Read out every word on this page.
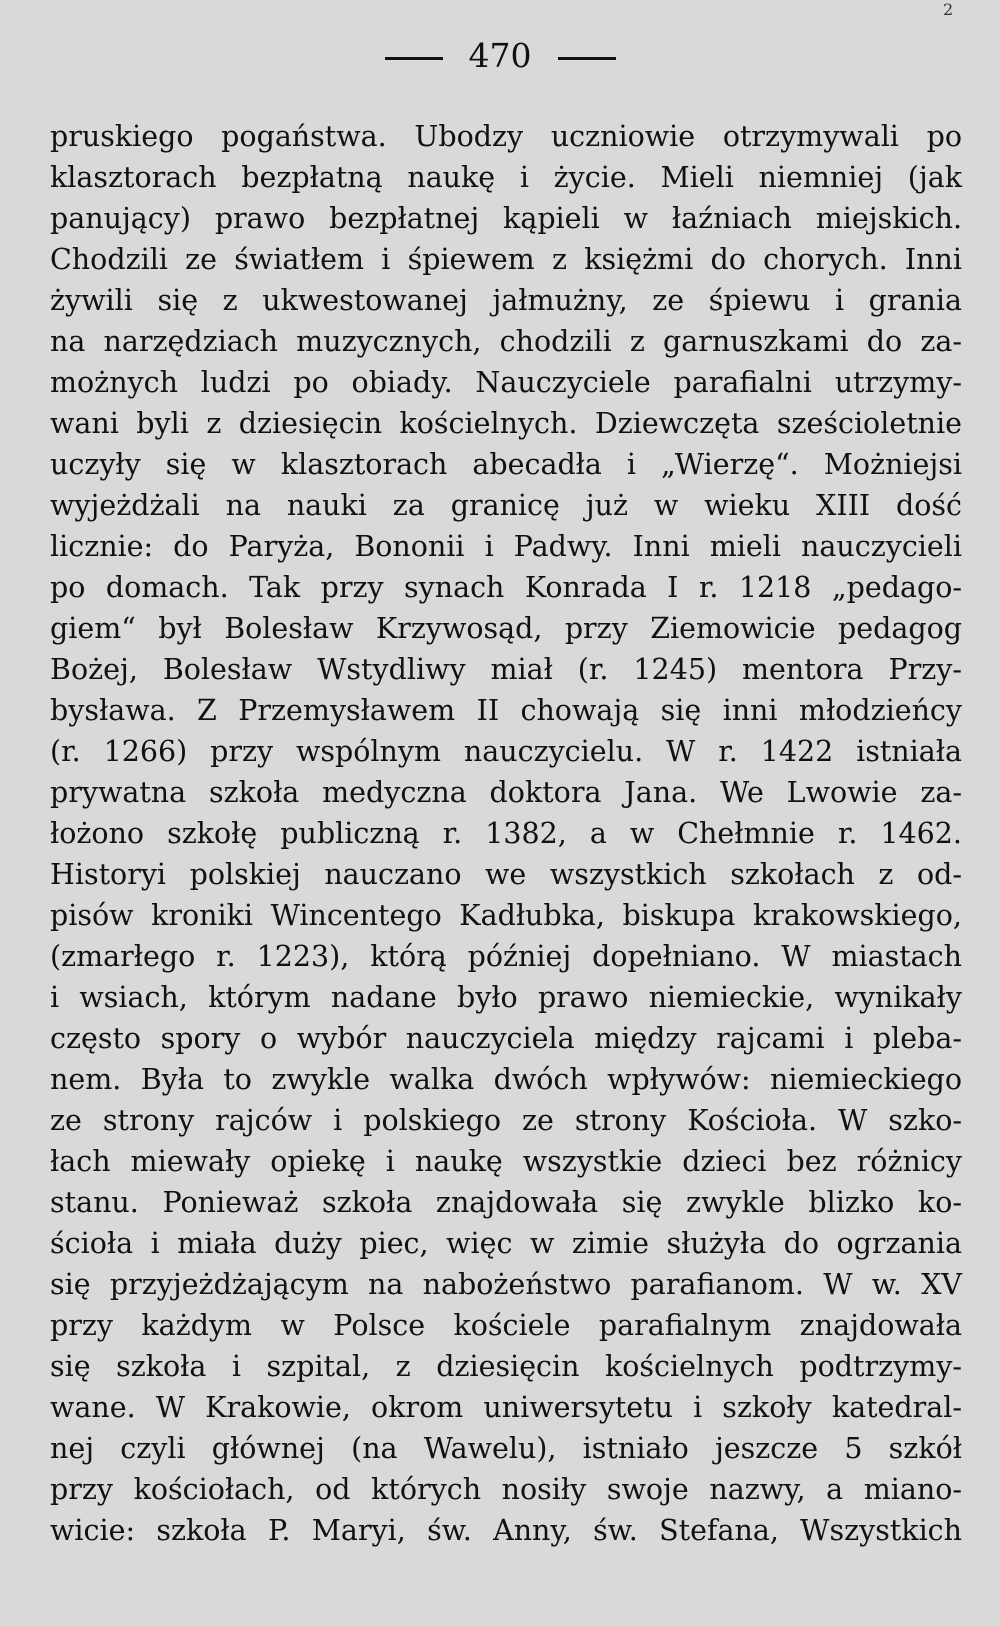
2
470
pruskiego pogaństwa. Ubodzy uczniowie otrzymywali po
klasztorach bezpłatną naukę i życie. Mieli niemniej (jak
panujący) prawo bezpłatnej kąpieli w łaźniach miejskich.
Chodzili ze światłem i śpiewem z księżmi do chorych. Inni
żywili się z ukwestowanej jałmużny, ze śpiewu i grania
na narzędziach muzycznych, chodzili z garnuszkami do za-
możnych ludzi po obiady. Nauczyciele parafialni utrzymy-
wani byli z dziesięcin kościelnych. Dziewczęta sześcioletnie
uczyły się w klasztorach abecadła i „Wierzę“. Możniejsi
wyjeżdżali na nauki za granicę już w wieku XIII dość
licznie: do Paryża, Bononii i Padwy. Inni mieli nauczycieli
po domach. Tak przy synach Konrada I r. 1218 „pedago-
giem“ był Bolesław Krzywosąd, przy Ziemowicie pedagog
Bożej, Bolesław Wstydliwy miał (r. 1245) mentora Przy-
bysława. Z Przemysławem II chowają się inni młodzieńcy
(r. 1266) przy wspólnym nauczycielu. W r. 1422 istniała
prywatna szkoła medyczna doktora Jana. We Lwowie za-
łożono szkołę publiczną r. 1382, a w Chełmnie r. 1462.
Historyi polskiej nauczano we wszystkich szkołach z od-
pisów kroniki Wincentego Kadłubka, biskupa krakowskiego,
(zmarłego r. 1223), którą później dopełniano. W miastach
i wsiach, którym nadane było prawo niemieckie, wynikały
często spory o wybór nauczyciela między rajcami i pleba-
nem. Była to zwykle walka dwóch wpływów: niemieckiego
ze strony rajców i polskiego ze strony Kościoła. W szko-
łach miewały opiekę i naukę wszystkie dzieci bez różnicy
stanu. Ponieważ szkoła znajdowała się zwykle blizko ko-
ścioła i miała duży piec, więc w zimie służyła do ogrzania
się przyjeżdżającym na nabożeństwo parafianom. W w. XV
przy każdym w Polsce kościele parafialnym znajdowała
się szkoła i szpital, z dziesięcin kościelnych podtrzymy-
wane. W Krakowie, okrom uniwersytetu i szkoły katedral-
nej czyli głównej (na Wawelu), istniało jeszcze 5 szkół
przy kościołach, od których nosiły swoje nazwy, a miano-
wicie: szkoła P. Maryi, św. Anny, św. Stefana, Wszystkich
